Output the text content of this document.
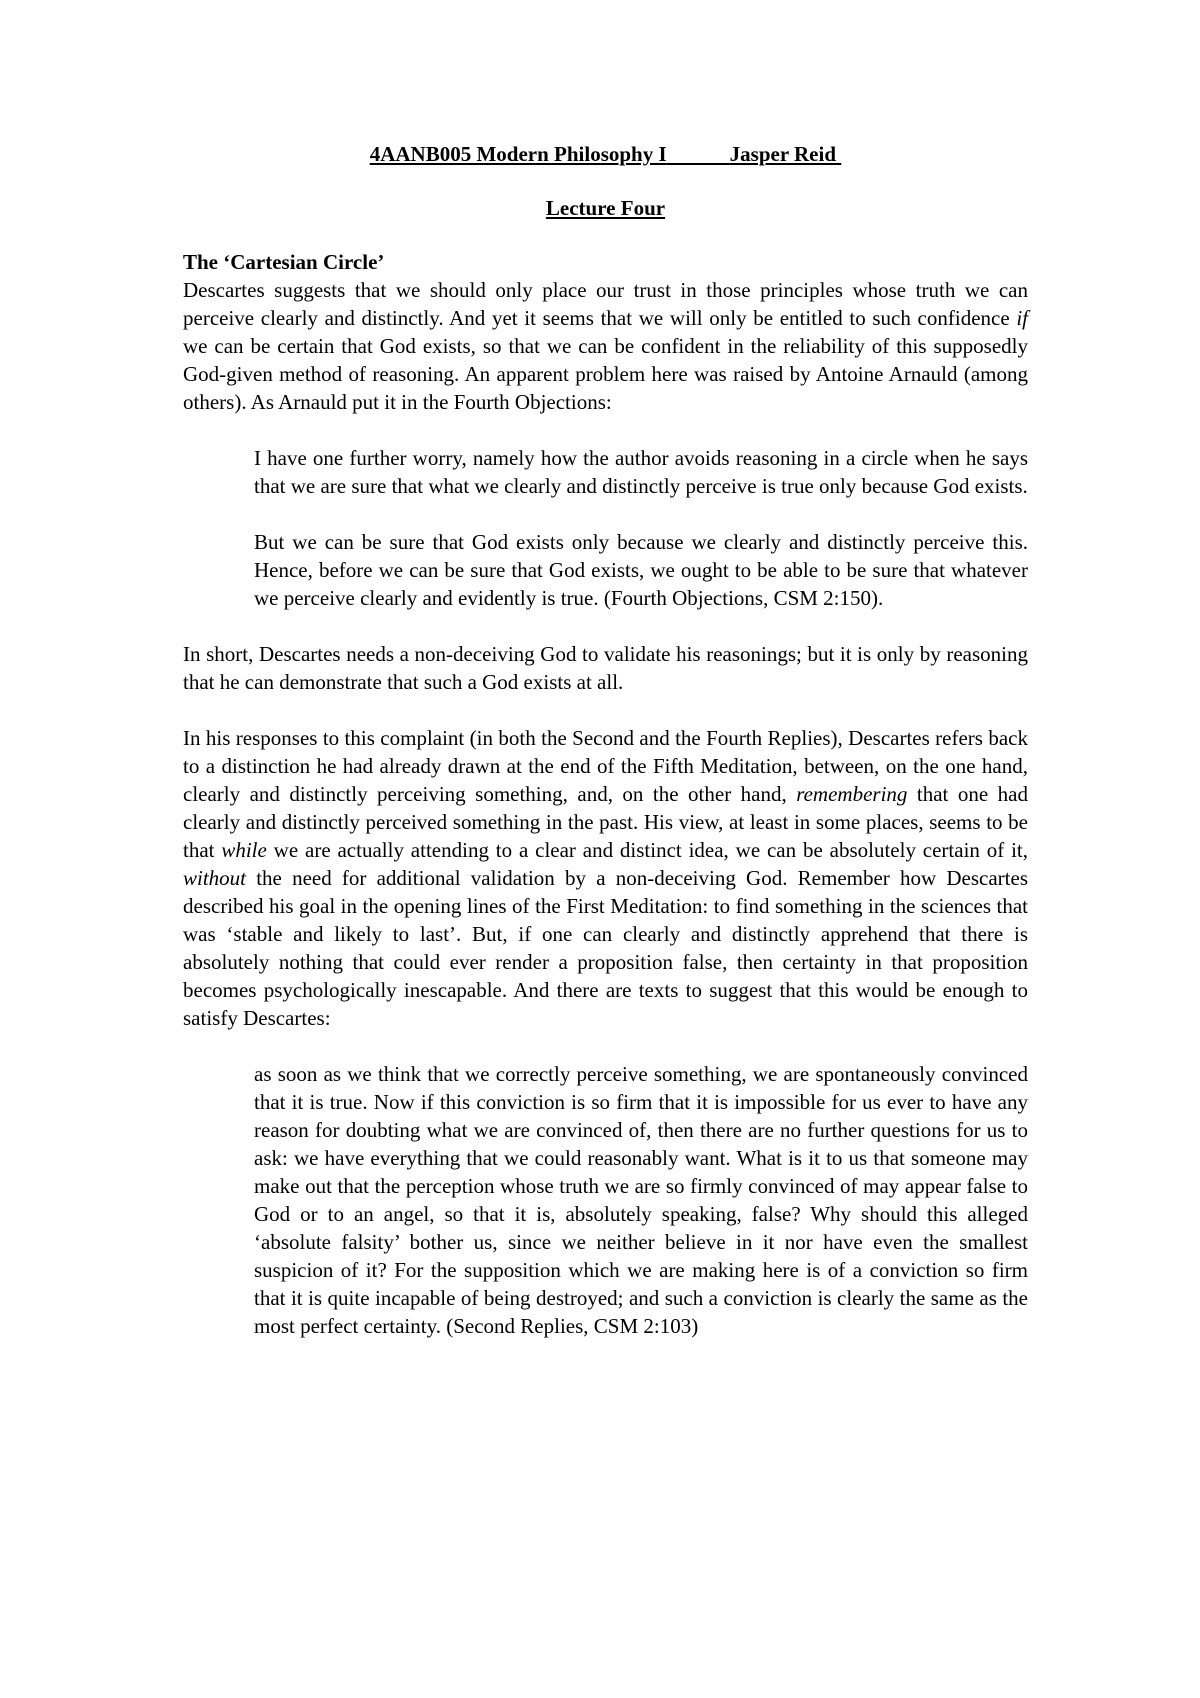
4AANB005 Modern Philosophy I	Jasper Reid
Lecture Four
The ‘Cartesian Circle’

Descartes suggests that we should only place our trust in those principles whose truth we can perceive clearly and distinctly. And yet it seems that we will only be entitled to such confidence if we can be certain that God exists, so that we can be confident in the reliability of this supposedly God-given method of reasoning. An apparent problem here was raised by Antoine Arnauld (among others). As Arnauld put it in the Fourth Objections:

I have one further worry, namely how the author avoids reasoning in a circle when he says that we are sure that what we clearly and distinctly perceive is true only because God exists.

But we can be sure that God exists only because we clearly and distinctly perceive this. Hence, before we can be sure that God exists, we ought to be able to be sure that whatever we perceive clearly and evidently is true. (Fourth Objections, CSM 2:150).

In short, Descartes needs a non-deceiving God to validate his reasonings; but it is only by reasoning that he can demonstrate that such a God exists at all.

In his responses to this complaint (in both the Second and the Fourth Replies), Descartes refers back to a distinction he had already drawn at the end of the Fifth Meditation, between, on the one hand, clearly and distinctly perceiving something, and, on the other hand, remembering that one had clearly and distinctly perceived something in the past. His view, at least in some places, seems to be that while we are actually attending to a clear and distinct idea, we can be absolutely certain of it, without the need for additional validation by a non-deceiving God. Remember how Descartes described his goal in the opening lines of the First Meditation: to find something in the sciences that was ‘stable and likely to last’. But, if one can clearly and distinctly apprehend that there is absolutely nothing that could ever render a proposition false, then certainty in that proposition becomes psychologically inescapable. And there are texts to suggest that this would be enough to satisfy Descartes:

as soon as we think that we correctly perceive something, we are spontaneously convinced that it is true. Now if this conviction is so firm that it is impossible for us ever to have any reason for doubting what we are convinced of, then there are no further questions for us to ask: we have everything that we could reasonably want. What is it to us that someone may make out that the perception whose truth we are so firmly convinced of may appear false to God or to an angel, so that it is, absolutely speaking, false? Why should this alleged ‘absolute falsity’ bother us, since we neither believe in it nor have even the smallest suspicion of it? For the supposition which we are making here is of a conviction so firm that it is quite incapable of being destroyed; and such a conviction is clearly the same as the most perfect certainty. (Second Replies, CSM 2:103)
